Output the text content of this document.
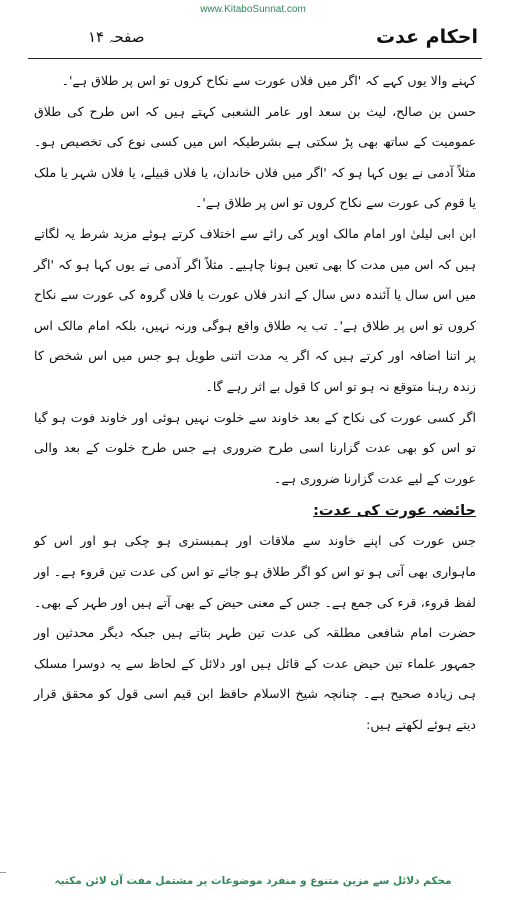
www.KitaboSunnat.com
احکام عدت
ﺻﻔﺤﮧ ١۴

کہنے والا یوں کہے کہ 'اگر میں فلاں عورت سے نکاح کروں تو اس پر طلاق ہے'۔

حسن بن صالح، لیث بن سعد اور عامر الشعبی کہتے ہیں کہ اس طرح کی طلاق عمومیت کے ساتھ بھی پڑ سکتی ہے بشرطیکہ اس میں کسی نوع کی تخصیص ہو۔ مثلاً آدمی نے یوں کہا ہو کہ 'اگر میں فلاں خاندان، یا فلاں قبیلے، یا فلاں شہر یا ملک یا قوم کی عورت سے نکاح کروں تو اس پر طلاق ہے'۔

ابن ابی لیلیٰ اور امام مالک اوپر کی رائے سے اختلاف کرتے ہوئے مزید شرط یہ لگاتے ہیں کہ اس میں مدت کا بھی تعین ہونا چاہیے۔ مثلاً اگر آدمی نے یوں کہا ہو کہ 'اگر میں اس سال یا آئندہ دس سال کے اندر فلاں عورت یا فلاں گروہ کی عورت سے نکاح کروں تو اس پر طلاق ہے'۔ تب یہ طلاق واقع ہوگی ورنہ نہیں، بلکہ امام مالک اس پر اتنا اضافہ اور کرتے ہیں کہ اگر یہ مدت اتنی طویل ہو جس میں اس شخص کا زندہ رہنا متوقع نہ ہو تو اس کا قول بے اثر رہے گا۔

اگر کسی عورت کی نکاح کے بعد خاوند سے خلوت نہیں ہوئی اور خاوند فوت ہو گیا تو اس کو بھی عدت گزارنا اسی طرح ضروری ہے جس طرح خلوت کے بعد والی عورت کے لیے عدت گزارنا ضروری ہے۔

حائضہ عورت کی عدت:

جس عورت کی اپنے خاوند سے ملاقات اور ہمبستری ہو چکی ہو اور اس کو ماہواری بھی آتی ہو تو اس کو اگر طلاق ہو جائے تو اس کی عدت تین قروء ہے۔ اور لفظ قروء، قرء کی جمع ہے۔ جس کے معنی حیض کے بھی آتے ہیں اور طہر کے بھی۔ حضرت امام شافعی مطلقہ کی عدت تین طہر بتاتے ہیں جبکہ دیگر محدثین اور جمہور علماء تین حیض عدت کے قائل ہیں اور دلائل کے لحاظ سے یہ دوسرا مسلک ہی زیادہ صحیح ہے۔ چنانچہ شیخ الاسلام حافظ ابن قیم اسی قول کو محقق قرار دیتے ہوئے لکھتے ہیں:

محکم دلائل سے مزین متنوع و منفرد موضوعات پر مشتمل مفت آن لائن مکتبہ
